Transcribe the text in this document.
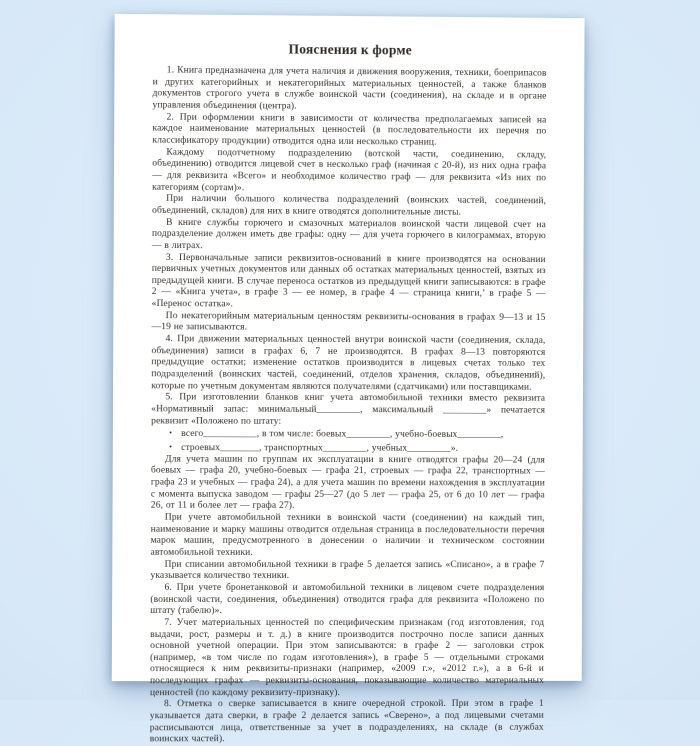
Пояснения к форме

1. Книга предназначена для учета наличия и движения вооружения, техники, боеприпасов и других категорийных и некатегорийных материальных ценностей, а также бланков документов строгого учета в службе воинской части (соединения), на складе и в органе управления объединения (центра).

2. При оформлении книги в зависимости от количества предполагаемых записей на каждое наименование материальных ценностей (в последовательности их перечня по классификатору продукции) отводится одна или несколько страниц.

Каждому подотчетному подразделению (вотской части, соединению, складу, объединению) отводится лицевой счет в несколько граф (начиная с 20-й), из них одна графа — для реквизита «Всего» и необходимое количество граф — для реквизита «Из них по категориям (сортам)».

При наличии большого количества подразделений (воинских частей, соединений, объединений, складов) для них в книге отводятся дополнительные листы.

В книге службы горючего и смазочных материалов воинской части лицевой счет на подразделение должен иметь две графы: одну — для учета горючего в килограммах, вторую — в литрах.

3. Первоначальные записи реквизитов-оснований в книге производятся на основании первичных учетных документов или данных об остатках материальных ценностей, взятых из предыдущей книги. В случае переноса остатков из предыдущей книги записываются: в графе 2 — «Книга учета», в графе 3 — ее номер, в графе 4 — страница книги,’ в графе 5 — «Перенос остатка».

По некатегорийным материальным ценностям реквизиты-основания в графах 9—13 и 15—19 не записываются.

4. При движении материальных ценностей внутри воинской части (соединения, склада, объединения) записи в графах 6, 7 не производятся. В графах 8—13 повторяются предыдущие остатки; изменение остатков производится в лицевых счетах только тех подразделений (воинских частей, соединений, отделов хранения, складов, объединений), которые по учетным документам являются получателями (сдатчиками) или поставщиками.

5. При изготовлении бланков книг учета автомобильной техники вместо реквизита «Нормативный запас: минимальный_________, максимальный _________» печатается реквизит «Положено по штату:

• всего___________, в том числе: боевых_________, учебно-боевых_________,

• строевых________, транспортных_________, учебных_________».

Для учета машин по группам их эксплуатации в книге отводятся графы 20—24 (для боевых — графа 20, учебно-боевых — графа 21, строевых — графа 22, транспортных — графа 23 и учебных — графа 24), а для учета машин по времени нахождения в эксплуатации с момента выпуска заводом — графы 25—27 (до 5 лет — графа 25, от 6 до 10 лет — графа 26, от 11 и более лет — графа 27).

При учете автомобильной техники в воинской части (соединении) на каждый тип, наименование и марку машины отводится отдельная страница в последовательности перечня марок машин, предусмотренного в донесении о наличии и техническом состоянии автомобильной техники.

При списании автомобильной техники в графе 5 делается запись «Списано», а в графе 7 указывается количество техники.

6. При учете бронетанковой и автомобильной техники в лицевом счете подразделения (воинской части, соединения, объединения) отводится графа для реквизита «Положено по штату (табелю)».

7. Учет материальных ценностей по специфическим признакам (год изготовления, год выдачи, рост, размеры и т. д.) в книге производится построчно после записи данных основной учетной операции. При этом записываются: в графе 2 — заголовки строк (например, «в том числе по годам изготовления»), в графе 5 — отдельными строками относящиеся к ним реквизиты-признаки (например, «2009 г.», «2012 г.»), а в 6-й и последующих графах — реквизиты-основания, показывающие количество материальных ценностей (по каждому реквизиту-признаку).

8. Отметка о сверке записывается в книге очередной строкой. При этом в графе 1 указывается дата сверки, в графе 2 делается запись «Сверено», а под лицевыми счетами расписываются лица, ответственные за учет в подразделениях, на складе (в службах воинских частей).
